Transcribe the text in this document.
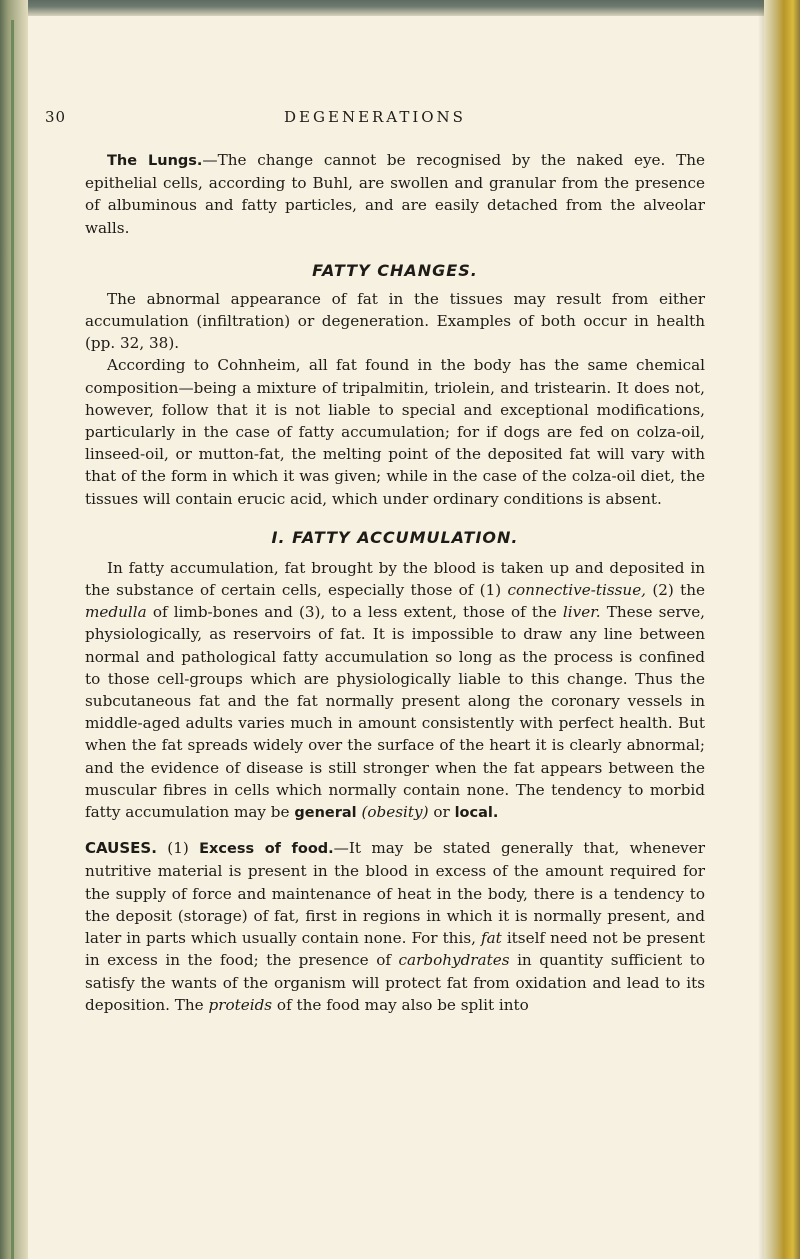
30	DEGENERATIONS

The Lungs.—The change cannot be recognised by the naked eye. The epithelial cells, according to Buhl, are swollen and granular from the presence of albuminous and fatty particles, and are easily detached from the alveolar walls.

FATTY CHANGES.

The abnormal appearance of fat in the tissues may result from either accumulation (infiltration) or degeneration. Examples of both occur in health (pp. 32, 38).

According to Cohnheim, all fat found in the body has the same chemical composition—being a mixture of tripalmitin, triolein, and tristearin. It does not, however, follow that it is not liable to special and exceptional modifications, particularly in the case of fatty accumulation; for if dogs are fed on colza-oil, linseed-oil, or mutton-fat, the melting point of the deposited fat will vary with that of the form in which it was given; while in the case of the colza-oil diet, the tissues will contain erucic acid, which under ordinary conditions is absent.

I. FATTY ACCUMULATION.

In fatty accumulation, fat brought by the blood is taken up and deposited in the substance of certain cells, especially those of (1) connective-tissue, (2) the medulla of limb-bones and (3), to a less extent, those of the liver. These serve, physiologically, as reservoirs of fat. It is impossible to draw any line between normal and pathological fatty accumulation so long as the process is confined to those cell-groups which are physiologically liable to this change. Thus the subcutaneous fat and the fat normally present along the coronary vessels in middle-aged adults varies much in amount consistently with perfect health. But when the fat spreads widely over the surface of the heart it is clearly abnormal; and the evidence of disease is still stronger when the fat appears between the muscular fibres in cells which normally contain none. The tendency to morbid fatty accumulation may be general (obesity) or local.

CAUSES. (1) Excess of food.—It may be stated generally that, whenever nutritive material is present in the blood in excess of the amount required for the supply of force and maintenance of heat in the body, there is a tendency to the deposit (storage) of fat, first in regions in which it is normally present, and later in parts which usually contain none. For this, fat itself need not be present in excess in the food; the presence of carbohydrates in quantity sufficient to satisfy the wants of the organism will protect fat from oxidation and lead to its deposition. The proteids of the food may also be split into
